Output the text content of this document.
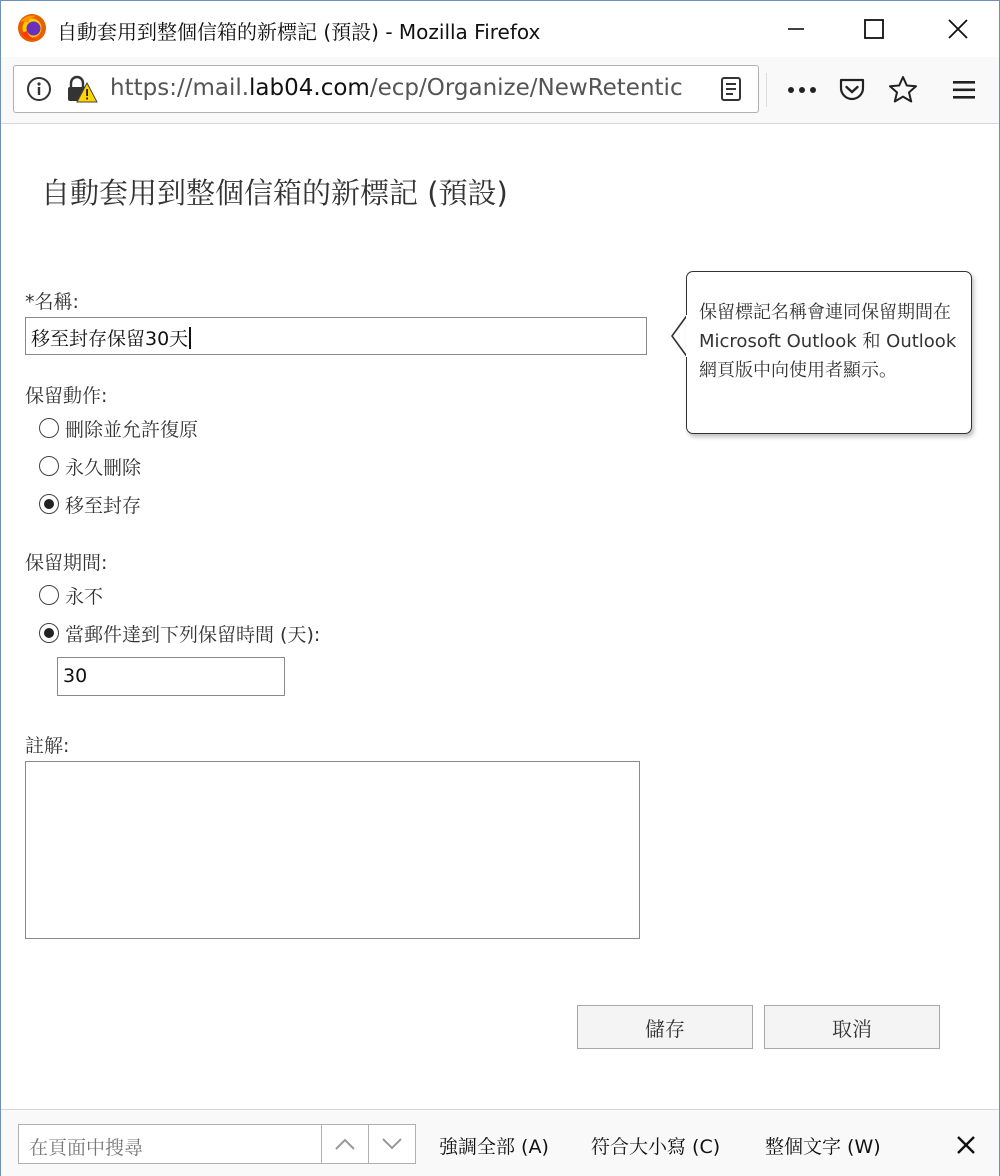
自動套用到整個信箱的新標記 (預設) - Mozilla Firefox
https://mail.lab04.com/ecp/Organize/NewRetentic
自動套用到整個信箱的新標記 (預設)
*名稱:
移至封存保留30天
保留動作:
刪除並允許復原
永久刪除
移至封存
保留期間:
永不
當郵件達到下列保留時間 (天):
30
註解:
保留標記名稱會連同保留期間在 Microsoft Outlook 和 Outlook 網頁版中向使用者顯示。
儲存	取消
在頁面中搜尋	強調全部 (A) 符合大小寫 (C) 整個文字 (W)
